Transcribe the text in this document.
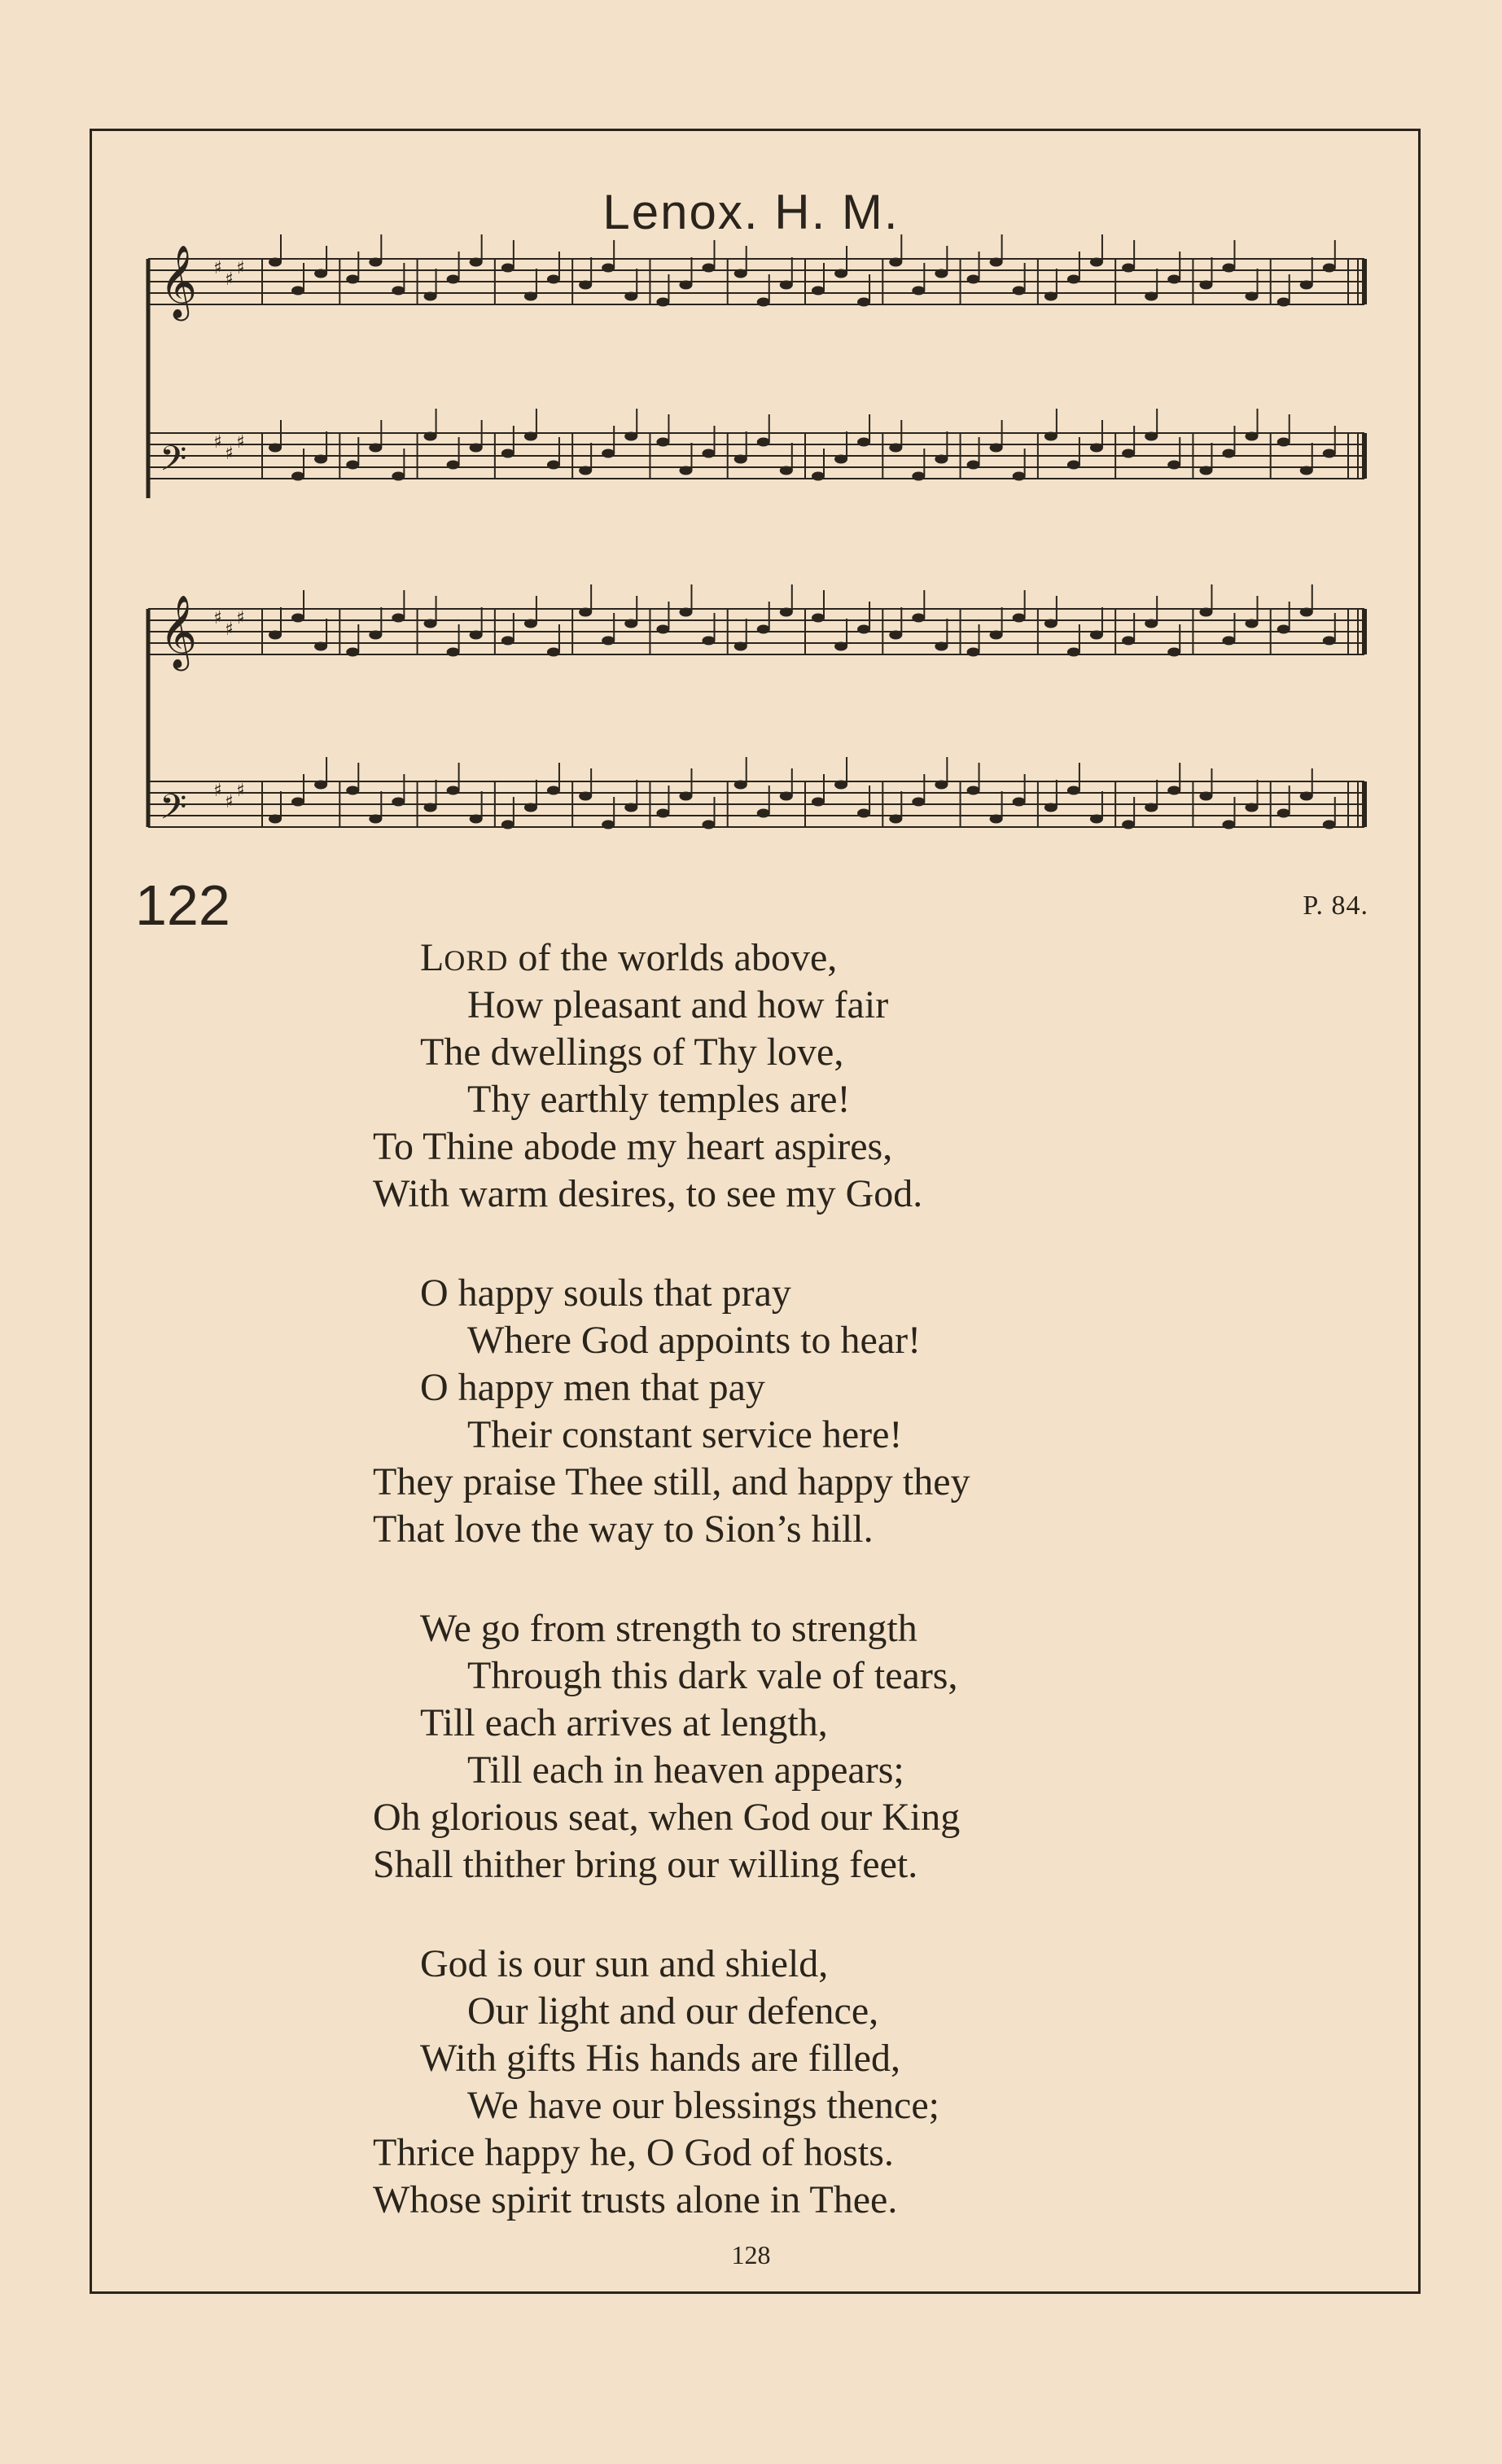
Lenox. H. M.
𝄞 ♯
♯
♯
𝄢 ♯
♯
♯
𝄞 ♯
♯
♯
𝄢 ♯
♯
♯
122	P. 84.
LORD of the worlds above,
How pleasant and how fair
The dwellings of Thy love,
Thy earthly temples are!
To Thine abode my heart aspires,
With warm desires, to see my God.
O happy souls that pray
Where God appoints to hear!
O happy men that pay
Their constant service here!
They praise Thee still, and happy they
That love the way to Sion’s hill.
We go from strength to strength
Through this dark vale of tears,
Till each arrives at length,
Till each in heaven appears;
Oh glorious seat, when God our King
Shall thither bring our willing feet.
God is our sun and shield,
Our light and our defence,
With gifts His hands are filled,
We have our blessings thence;
Thrice happy he, O God of hosts.
Whose spirit trusts alone in Thee.
128
